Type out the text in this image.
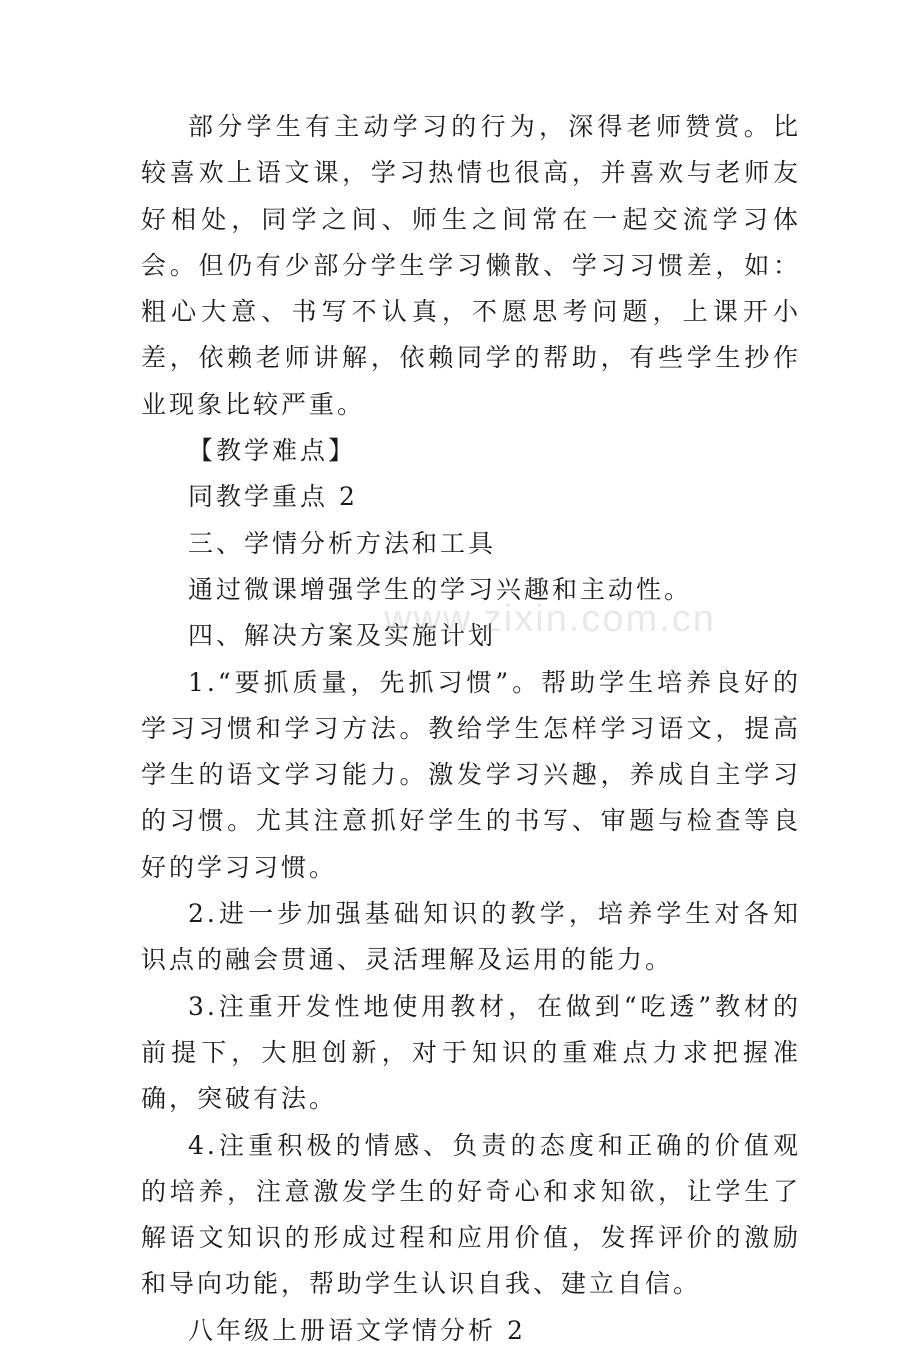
部分学生有主动学习的行为，深得老师赞赏。比较喜欢上语文课，学习热情也很高，并喜欢与老师友好相处，同学之间、师生之间常在一起交流学习体会。但仍有少部分学生学习懒散、学习习惯差，如：粗心大意、书写不认真，不愿思考问题，上课开小差，依赖老师讲解，依赖同学的帮助，有些学生抄作业现象比较严重。

【教学难点】

同教学重点 2

三、学情分析方法和工具

通过微课增强学生的学习兴趣和主动性。

四、解决方案及实施计划

1.“要抓质量，先抓习惯”。帮助学生培养良好的学习习惯和学习方法。教给学生怎样学习语文，提高学生的语文学习能力。激发学习兴趣，养成自主学习的习惯。尤其注意抓好学生的书写、审题与检查等良好的学习习惯。

2.进一步加强基础知识的教学，培养学生对各知识点的融会贯通、灵活理解及运用的能力。

3.注重开发性地使用教材，在做到“吃透”教材的前提下，大胆创新，对于知识的重难点力求把握准确，突破有法。

4.注重积极的情感、负责的态度和正确的价值观的培养，注意激发学生的好奇心和求知欲，让学生了解语文知识的形成过程和应用价值，发挥评价的激励和导向功能，帮助学生认识自我、建立自信。

八年级上册语文学情分析 2

www.zixin.com.cn
